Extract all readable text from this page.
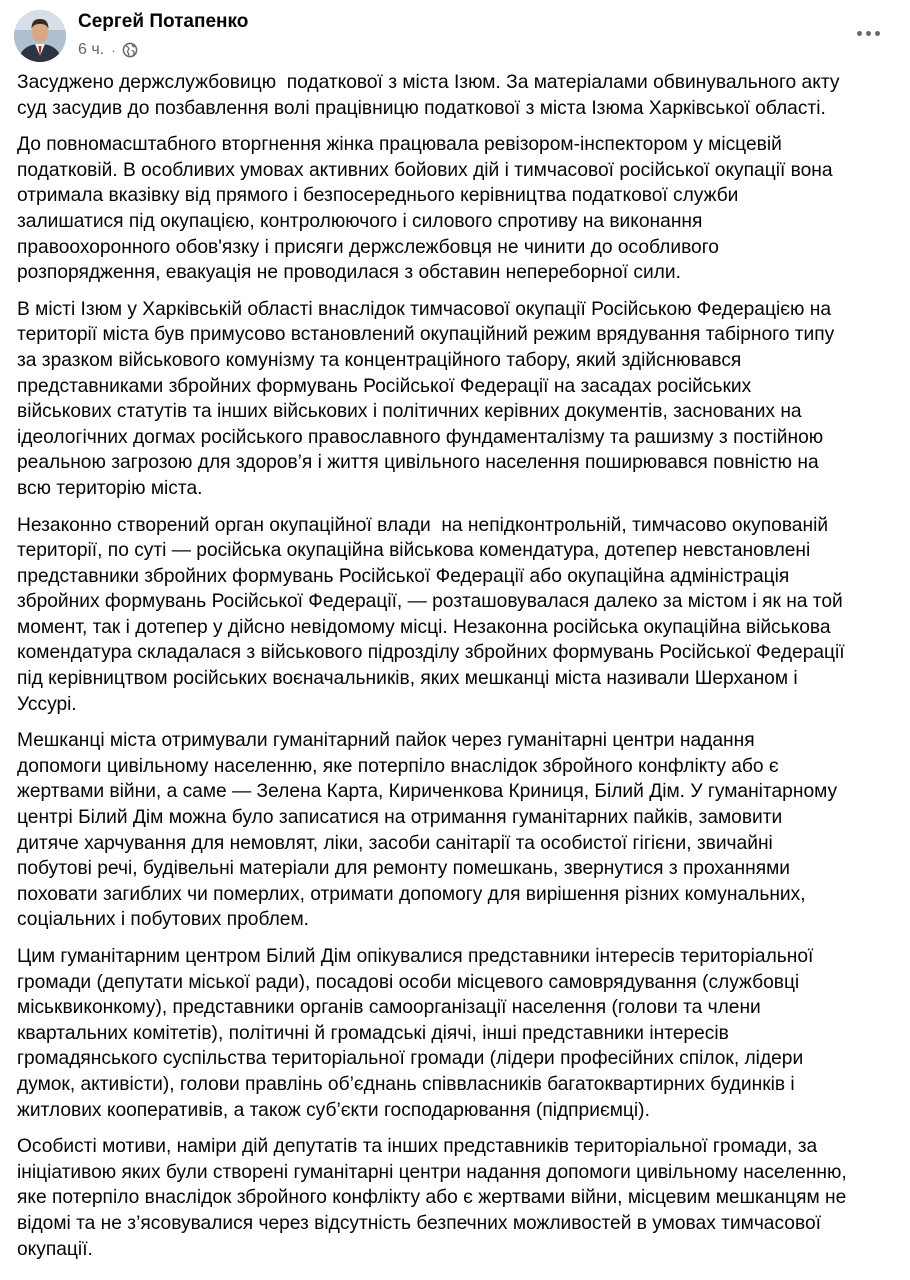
Сергей Потапенко
6 ч. ·

Засуджено держслужбовицю  податкової з міста Ізюм. За матеріалами обвинувального акту
суд засудив до позбавлення волі працівницю податкової з міста Ізюма Харківської області.

До повномасштабного вторгнення жінка працювала ревізором-інспектором у місцевій
податковій. В особливих умовах активних бойових дій і тимчасової російської окупації вона
отримала вказівку від прямого і безпосереднього керівництва податкової служби
залишатися під окупацією, контролюючого і силового спротиву на виконання
правоохоронного обов'язку і присяги держслежбовця не чинити до особливого
розпорядження, евакуація не проводилася з обставин непереборної сили.

В місті Ізюм у Харківській області внаслідок тимчасової окупації Російською Федерацією на
території міста був примусово встановлений окупаційний режим врядування табірного типу
за зразком військового комунізму та концентраційного табору, який здійснювався
представниками збройних формувань Російської Федерації на засадах російських
військових статутів та інших військових і політичних керівних документів, заснованих на
ідеологічних догмах російського православного фундаменталізму та рашизму з постійною
реальною загрозою для здоров’я і життя цивільного населення поширювався повністю на
всю територію міста.

Незаконно створений орган окупаційної влади  на непідконтрольній, тимчасово окупованій
території, по суті — російська окупаційна військова комендатура, дотепер невстановлені
представники збройних формувань Російської Федерації або окупаційна адміністрація
збройних формувань Російської Федерації, — розташовувалася далеко за містом і як на той
момент, так і дотепер у дійсно невідомому місці. Незаконна російська окупаційна військова
комендатура складалася з військового підрозділу збройних формувань Російської Федерації
під керівництвом російських воєначальників, яких мешканці міста називали Шерханом і
Уссурі.

Мешканці міста отримували гуманітарний пайок через гуманітарні центри надання
допомоги цивільному населенню, яке потерпіло внаслідок збройного конфлікту або є
жертвами війни, а саме — Зелена Карта, Кириченкова Криниця, Білий Дім. У гуманітарному
центрі Білий Дім можна було записатися на отримання гуманітарних пайків, замовити
дитяче харчування для немовлят, ліки, засоби санітарії та особистої гігієни, звичайні
побутові речі, будівельні матеріали для ремонту помешкань, звернутися з проханнями
поховати загиблих чи померлих, отримати допомогу для вирішення різних комунальних,
соціальних і побутових проблем.

Цим гуманітарним центром Білий Дім опікувалися представники інтересів територіальної
громади (депутати міської ради), посадові особи місцевого самоврядування (службовці
міськвиконкому), представники органів самоорганізації населення (голови та члени
квартальних комітетів), політичні й громадські діячі, інші представники інтересів
громадянського суспільства територіальної громади (лідери професійних спілок, лідери
думок, активісти), голови правлінь об’єднань співвласників багатоквартирних будинків і
житлових кооперативів, а також суб’єкти господарювання (підприємці).

Особисті мотиви, наміри дій депутатів та інших представників територіальної громади, за
ініціативою яких були створені гуманітарні центри надання допомоги цивільному населенню,
яке потерпіло внаслідок збройного конфлікту або є жертвами війни, місцевим мешканцям не
відомі та не з’ясовувалися через відсутність безпечних можливостей в умовах тимчасової
окупації.
